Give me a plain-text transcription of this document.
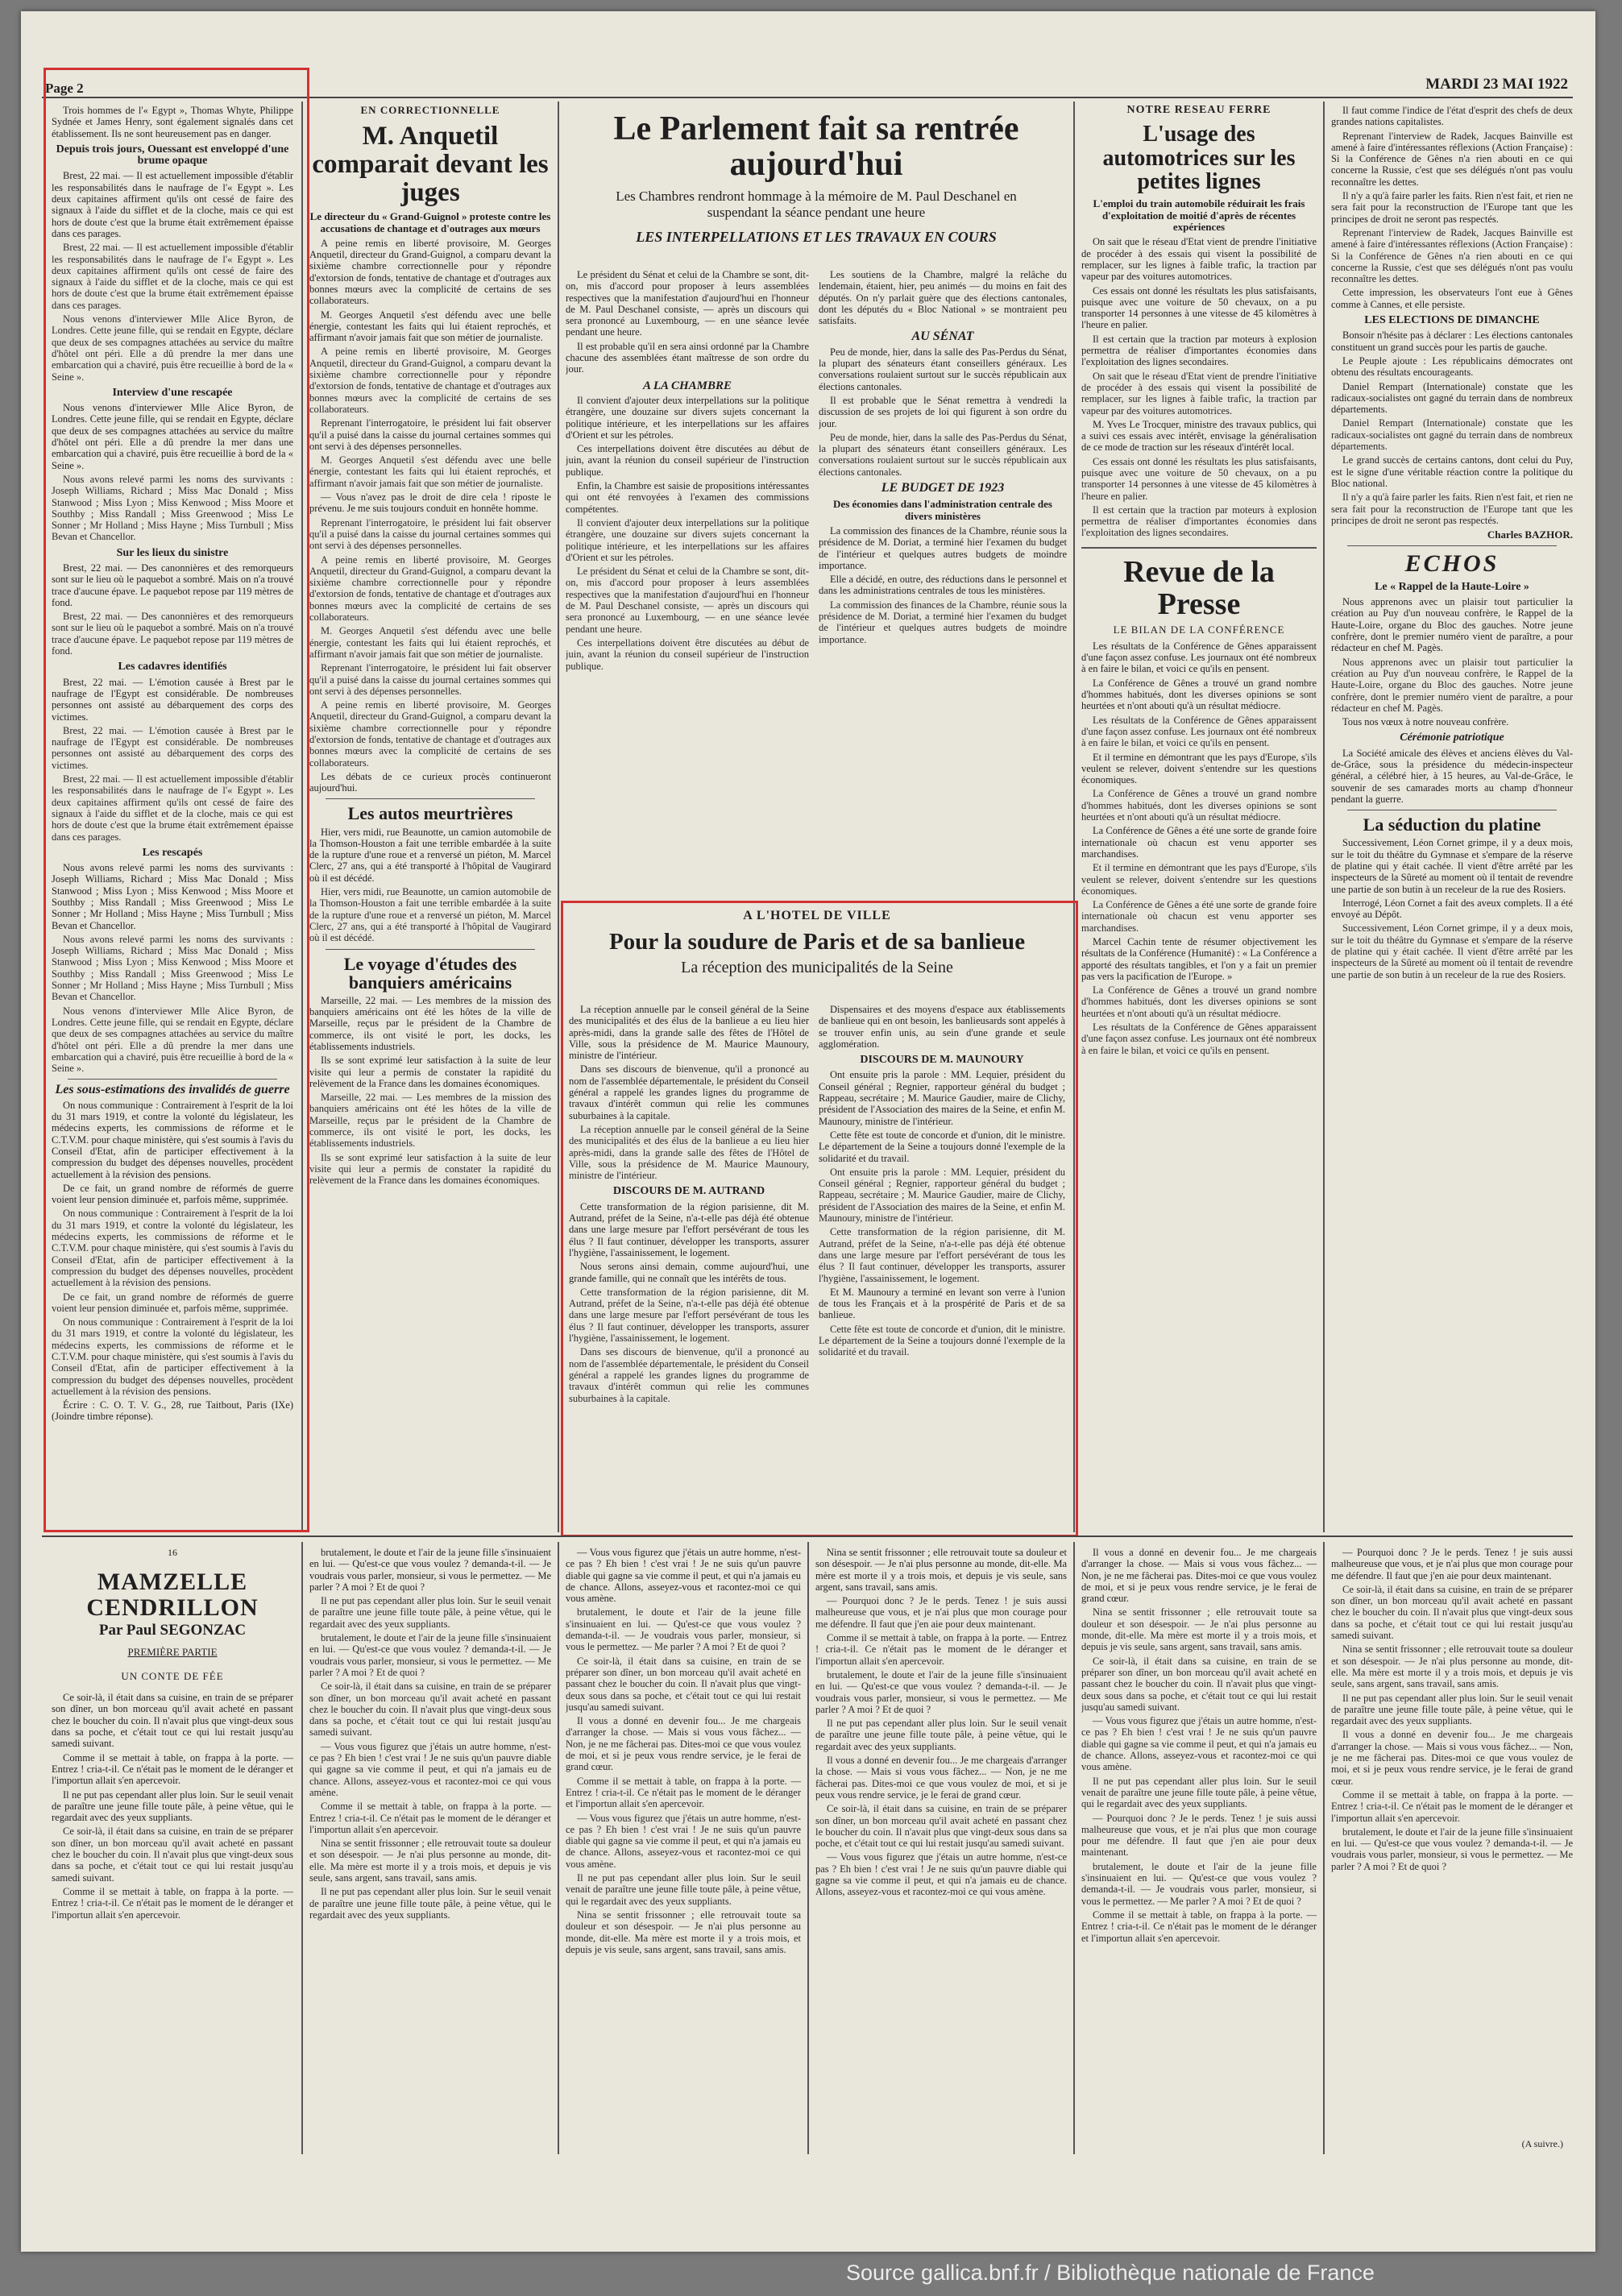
Page 2	MARDI 23 MAI 1922

Trois hommes de l'« Egypt », Thomas Whyte, Philippe Sydnée et James Henry, sont également signalés dans cet établissement. Ils ne sont heureusement pas en danger.

Depuis trois jours, Ouessant est enveloppé d'une brume opaque

Brest, 22 mai. — Il est actuellement impossible d'établir les responsabilités dans le naufrage de l'« Egypt ». Les deux capitaines affirment qu'ils ont cessé de faire des signaux à l'aide du sifflet et de la cloche, mais ce qui est hors de doute c'est que la brume était extrêmement épaisse dans ces parages.

Brest, 22 mai. — Il est actuellement impossible d'établir les responsabilités dans le naufrage de l'« Egypt ». Les deux capitaines affirment qu'ils ont cessé de faire des signaux à l'aide du sifflet et de la cloche, mais ce qui est hors de doute c'est que la brume était extrêmement épaisse dans ces parages.

Nous venons d'interviewer Mlle Alice Byron, de Londres. Cette jeune fille, qui se rendait en Egypte, déclare que deux de ses compagnes attachées au service du maître d'hôtel ont péri. Elle a dû prendre la mer dans une embarcation qui a chaviré, puis être recueillie à bord de la « Seine ».

Interview d'une rescapée

Nous venons d'interviewer Mlle Alice Byron, de Londres. Cette jeune fille, qui se rendait en Egypte, déclare que deux de ses compagnes attachées au service du maître d'hôtel ont péri. Elle a dû prendre la mer dans une embarcation qui a chaviré, puis être recueillie à bord de la « Seine ».

Nous avons relevé parmi les noms des survivants : Joseph Williams, Richard ; Miss Mac Donald ; Miss Stanwood ; Miss Lyon ; Miss Kenwood ; Miss Moore et Southby ; Miss Randall ; Miss Greenwood ; Miss Le Sonner ; Mr Holland ; Miss Hayne ; Miss Turnbull ; Miss Bevan et Chancellor.

Sur les lieux du sinistre

Brest, 22 mai. — Des canonnières et des remorqueurs sont sur le lieu où le paquebot a sombré. Mais on n'a trouvé trace d'aucune épave. Le paquebot repose par 119 mètres de fond.

Brest, 22 mai. — Des canonnières et des remorqueurs sont sur le lieu où le paquebot a sombré. Mais on n'a trouvé trace d'aucune épave. Le paquebot repose par 119 mètres de fond.

Les cadavres identifiés

Brest, 22 mai. — L'émotion causée à Brest par le naufrage de l'Egypt est considérable. De nombreuses personnes ont assisté au débarquement des corps des victimes.

Brest, 22 mai. — L'émotion causée à Brest par le naufrage de l'Egypt est considérable. De nombreuses personnes ont assisté au débarquement des corps des victimes.

Brest, 22 mai. — Il est actuellement impossible d'établir les responsabilités dans le naufrage de l'« Egypt ». Les deux capitaines affirment qu'ils ont cessé de faire des signaux à l'aide du sifflet et de la cloche, mais ce qui est hors de doute c'est que la brume était extrêmement épaisse dans ces parages.

Les rescapés

Nous avons relevé parmi les noms des survivants : Joseph Williams, Richard ; Miss Mac Donald ; Miss Stanwood ; Miss Lyon ; Miss Kenwood ; Miss Moore et Southby ; Miss Randall ; Miss Greenwood ; Miss Le Sonner ; Mr Holland ; Miss Hayne ; Miss Turnbull ; Miss Bevan et Chancellor.

Nous avons relevé parmi les noms des survivants : Joseph Williams, Richard ; Miss Mac Donald ; Miss Stanwood ; Miss Lyon ; Miss Kenwood ; Miss Moore et Southby ; Miss Randall ; Miss Greenwood ; Miss Le Sonner ; Mr Holland ; Miss Hayne ; Miss Turnbull ; Miss Bevan et Chancellor.

Nous venons d'interviewer Mlle Alice Byron, de Londres. Cette jeune fille, qui se rendait en Egypte, déclare que deux de ses compagnes attachées au service du maître d'hôtel ont péri. Elle a dû prendre la mer dans une embarcation qui a chaviré, puis être recueillie à bord de la « Seine ».

Les sous-estimations des invalidés de guerre

On nous communique : Contrairement à l'esprit de la loi du 31 mars 1919, et contre la volonté du législateur, les médecins experts, les commissions de réforme et le C.T.V.M. pour chaque ministère, qui s'est soumis à l'avis du Conseil d'Etat, afin de participer effectivement à la compression du budget des dépenses nouvelles, procèdent actuellement à la révision des pensions.

De ce fait, un grand nombre de réformés de guerre voient leur pension diminuée et, parfois même, supprimée.

On nous communique : Contrairement à l'esprit de la loi du 31 mars 1919, et contre la volonté du législateur, les médecins experts, les commissions de réforme et le C.T.V.M. pour chaque ministère, qui s'est soumis à l'avis du Conseil d'Etat, afin de participer effectivement à la compression du budget des dépenses nouvelles, procèdent actuellement à la révision des pensions.

De ce fait, un grand nombre de réformés de guerre voient leur pension diminuée et, parfois même, supprimée.

On nous communique : Contrairement à l'esprit de la loi du 31 mars 1919, et contre la volonté du législateur, les médecins experts, les commissions de réforme et le C.T.V.M. pour chaque ministère, qui s'est soumis à l'avis du Conseil d'Etat, afin de participer effectivement à la compression du budget des dépenses nouvelles, procèdent actuellement à la révision des pensions.

Écrire : C. O. T. V. G., 28, rue Taitbout, Paris (IXe) (Joindre timbre réponse).

EN CORRECTIONNELLE
M. Anquetil comparait devant les juges
Le directeur du « Grand-Guignol » proteste contre les accusations de chantage et d'outrages aux mœurs

A peine remis en liberté provisoire, M. Georges Anquetil, directeur du Grand-Guignol, a comparu devant la sixième chambre correctionnelle pour y répondre d'extorsion de fonds, tentative de chantage et d'outrages aux bonnes mœurs avec la complicité de certains de ses collaborateurs.

M. Georges Anquetil s'est défendu avec une belle énergie, contestant les faits qui lui étaient reprochés, et affirmant n'avoir jamais fait que son métier de journaliste.

A peine remis en liberté provisoire, M. Georges Anquetil, directeur du Grand-Guignol, a comparu devant la sixième chambre correctionnelle pour y répondre d'extorsion de fonds, tentative de chantage et d'outrages aux bonnes mœurs avec la complicité de certains de ses collaborateurs.

Reprenant l'interrogatoire, le président lui fait observer qu'il a puisé dans la caisse du journal certaines sommes qui ont servi à des dépenses personnelles.

M. Georges Anquetil s'est défendu avec une belle énergie, contestant les faits qui lui étaient reprochés, et affirmant n'avoir jamais fait que son métier de journaliste.

— Vous n'avez pas le droit de dire cela ! riposte le prévenu. Je me suis toujours conduit en honnête homme.

Reprenant l'interrogatoire, le président lui fait observer qu'il a puisé dans la caisse du journal certaines sommes qui ont servi à des dépenses personnelles.

A peine remis en liberté provisoire, M. Georges Anquetil, directeur du Grand-Guignol, a comparu devant la sixième chambre correctionnelle pour y répondre d'extorsion de fonds, tentative de chantage et d'outrages aux bonnes mœurs avec la complicité de certains de ses collaborateurs.

M. Georges Anquetil s'est défendu avec une belle énergie, contestant les faits qui lui étaient reprochés, et affirmant n'avoir jamais fait que son métier de journaliste.

Reprenant l'interrogatoire, le président lui fait observer qu'il a puisé dans la caisse du journal certaines sommes qui ont servi à des dépenses personnelles.

A peine remis en liberté provisoire, M. Georges Anquetil, directeur du Grand-Guignol, a comparu devant la sixième chambre correctionnelle pour y répondre d'extorsion de fonds, tentative de chantage et d'outrages aux bonnes mœurs avec la complicité de certains de ses collaborateurs.

Les débats de ce curieux procès continueront aujourd'hui.

Les autos meurtrières

Hier, vers midi, rue Beaunotte, un camion automobile de la Thomson-Houston a fait une terrible embardée à la suite de la rupture d'une roue et a renversé un piéton, M. Marcel Clerc, 27 ans, qui a été transporté à l'hôpital de Vaugirard où il est décédé.

Hier, vers midi, rue Beaunotte, un camion automobile de la Thomson-Houston a fait une terrible embardée à la suite de la rupture d'une roue et a renversé un piéton, M. Marcel Clerc, 27 ans, qui a été transporté à l'hôpital de Vaugirard où il est décédé.

Le voyage d'études des banquiers américains

Marseille, 22 mai. — Les membres de la mission des banquiers américains ont été les hôtes de la ville de Marseille, reçus par le président de la Chambre de commerce, ils ont visité le port, les docks, les établissements industriels.

Ils se sont exprimé leur satisfaction à la suite de leur visite qui leur a permis de constater la rapidité du relèvement de la France dans les domaines économiques.

Marseille, 22 mai. — Les membres de la mission des banquiers américains ont été les hôtes de la ville de Marseille, reçus par le président de la Chambre de commerce, ils ont visité le port, les docks, les établissements industriels.

Ils se sont exprimé leur satisfaction à la suite de leur visite qui leur a permis de constater la rapidité du relèvement de la France dans les domaines économiques.

Le Parlement fait sa rentrée aujourd'hui
Les Chambres rendront hommage à la mémoire de M. Paul Deschanel en suspendant la séance pendant une heure
LES INTERPELLATIONS ET LES TRAVAUX EN COURS

Le président du Sénat et celui de la Chambre se sont, dit-on, mis d'accord pour proposer à leurs assemblées respectives que la manifestation d'aujourd'hui en l'honneur de M. Paul Deschanel consiste, — après un discours qui sera prononcé au Luxembourg, — en une séance levée pendant une heure.

Il est probable qu'il en sera ainsi ordonné par la Chambre chacune des assemblées étant maîtresse de son ordre du jour.

A LA CHAMBRE

Il convient d'ajouter deux interpellations sur la politique étrangère, une douzaine sur divers sujets concernant la politique intérieure, et les interpellations sur les affaires d'Orient et sur les pétroles.

Ces interpellations doivent être discutées au début de juin, avant la réunion du conseil supérieur de l'instruction publique.

Enfin, la Chambre est saisie de propositions intéressantes qui ont été renvoyées à l'examen des commissions compétentes.

Il convient d'ajouter deux interpellations sur la politique étrangère, une douzaine sur divers sujets concernant la politique intérieure, et les interpellations sur les affaires d'Orient et sur les pétroles.

Le président du Sénat et celui de la Chambre se sont, dit-on, mis d'accord pour proposer à leurs assemblées respectives que la manifestation d'aujourd'hui en l'honneur de M. Paul Deschanel consiste, — après un discours qui sera prononcé au Luxembourg, — en une séance levée pendant une heure.

Ces interpellations doivent être discutées au début de juin, avant la réunion du conseil supérieur de l'instruction publique.

Les soutiens de la Chambre, malgré la relâche du lendemain, étaient, hier, peu animés — du moins en fait des députés. On n'y parlait guère que des élections cantonales, dont les députés du « Bloc National » se montraient peu satisfaits.

AU SÉNAT

Peu de monde, hier, dans la salle des Pas-Perdus du Sénat, la plupart des sénateurs étant conseillers généraux. Les conversations roulaient surtout sur le succès républicain aux élections cantonales.

Il est probable que le Sénat remettra à vendredi la discussion de ses projets de loi qui figurent à son ordre du jour.

Peu de monde, hier, dans la salle des Pas-Perdus du Sénat, la plupart des sénateurs étant conseillers généraux. Les conversations roulaient surtout sur le succès républicain aux élections cantonales.

LE BUDGET DE 1923
Des économies dans l'administration centrale des divers ministères

La commission des finances de la Chambre, réunie sous la présidence de M. Doriat, a terminé hier l'examen du budget de l'intérieur et quelques autres budgets de moindre importance.

Elle a décidé, en outre, des réductions dans le personnel et dans les administrations centrales de tous les ministères.

La commission des finances de la Chambre, réunie sous la présidence de M. Doriat, a terminé hier l'examen du budget de l'intérieur et quelques autres budgets de moindre importance.

A L'HOTEL DE VILLE
Pour la soudure de Paris et de sa banlieue
La réception des municipalités de la Seine

La réception annuelle par le conseil général de la Seine des municipalités et des élus de la banlieue a eu lieu hier après-midi, dans la grande salle des fêtes de l'Hôtel de Ville, sous la présidence de M. Maurice Maunoury, ministre de l'intérieur.

Dans ses discours de bienvenue, qu'il a prononcé au nom de l'assemblée départementale, le président du Conseil général a rappelé les grandes lignes du programme de travaux d'intérêt commun qui relie les communes suburbaines à la capitale.

La réception annuelle par le conseil général de la Seine des municipalités et des élus de la banlieue a eu lieu hier après-midi, dans la grande salle des fêtes de l'Hôtel de Ville, sous la présidence de M. Maurice Maunoury, ministre de l'intérieur.

DISCOURS DE M. AUTRAND

Cette transformation de la région parisienne, dit M. Autrand, préfet de la Seine, n'a-t-elle pas déjà été obtenue dans une large mesure par l'effort persévérant de tous les élus ? Il faut continuer, développer les transports, assurer l'hygiène, l'assainissement, le logement.

Nous serons ainsi demain, comme aujourd'hui, une grande famille, qui ne connaît que les intérêts de tous.

Cette transformation de la région parisienne, dit M. Autrand, préfet de la Seine, n'a-t-elle pas déjà été obtenue dans une large mesure par l'effort persévérant de tous les élus ? Il faut continuer, développer les transports, assurer l'hygiène, l'assainissement, le logement.

Dans ses discours de bienvenue, qu'il a prononcé au nom de l'assemblée départementale, le président du Conseil général a rappelé les grandes lignes du programme de travaux d'intérêt commun qui relie les communes suburbaines à la capitale.

Dispensaires et des moyens d'espace aux établissements de banlieue qui en ont besoin, les banlieusards sont appelés à se trouver enfin unis, au sein d'une grande et seule agglomération.

DISCOURS DE M. MAUNOURY

Ont ensuite pris la parole : MM. Lequier, président du Conseil général ; Regnier, rapporteur général du budget ; Rappeau, secrétaire ; M. Maurice Gaudier, maire de Clichy, président de l'Association des maires de la Seine, et enfin M. Maunoury, ministre de l'intérieur.

Cette fête est toute de concorde et d'union, dit le ministre. Le département de la Seine a toujours donné l'exemple de la solidarité et du travail.

Ont ensuite pris la parole : MM. Lequier, président du Conseil général ; Regnier, rapporteur général du budget ; Rappeau, secrétaire ; M. Maurice Gaudier, maire de Clichy, président de l'Association des maires de la Seine, et enfin M. Maunoury, ministre de l'intérieur.

Cette transformation de la région parisienne, dit M. Autrand, préfet de la Seine, n'a-t-elle pas déjà été obtenue dans une large mesure par l'effort persévérant de tous les élus ? Il faut continuer, développer les transports, assurer l'hygiène, l'assainissement, le logement.

Et M. Maunoury a terminé en levant son verre à l'union de tous les Français et à la prospérité de Paris et de sa banlieue.

Cette fête est toute de concorde et d'union, dit le ministre. Le département de la Seine a toujours donné l'exemple de la solidarité et du travail.

NOTRE RÉSEAU FERRÉ
L'usage des automotrices sur les petites lignes
L'emploi du train automobile réduirait les frais d'exploitation de moitié d'après de récentes expériences

On sait que le réseau d'Etat vient de prendre l'initiative de procéder à des essais qui visent la possibilité de remplacer, sur les lignes à faible trafic, la traction par vapeur par des voitures automotrices.

Ces essais ont donné les résultats les plus satisfaisants, puisque avec une voiture de 50 chevaux, on a pu transporter 14 personnes à une vitesse de 45 kilomètres à l'heure en palier.

Il est certain que la traction par moteurs à explosion permettra de réaliser d'importantes économies dans l'exploitation des lignes secondaires.

On sait que le réseau d'Etat vient de prendre l'initiative de procéder à des essais qui visent la possibilité de remplacer, sur les lignes à faible trafic, la traction par vapeur par des voitures automotrices.

M. Yves Le Trocquer, ministre des travaux publics, qui a suivi ces essais avec intérêt, envisage la généralisation de ce mode de traction sur les réseaux d'intérêt local.

Ces essais ont donné les résultats les plus satisfaisants, puisque avec une voiture de 50 chevaux, on a pu transporter 14 personnes à une vitesse de 45 kilomètres à l'heure en palier.

Il est certain que la traction par moteurs à explosion permettra de réaliser d'importantes économies dans l'exploitation des lignes secondaires.

Revue de la Presse
LE BILAN DE LA CONFÉRENCE

Les résultats de la Conférence de Gênes apparaissent d'une façon assez confuse. Les journaux ont été nombreux à en faire le bilan, et voici ce qu'ils en pensent.

La Conférence de Gênes a trouvé un grand nombre d'hommes habitués, dont les diverses opinions se sont heurtées et n'ont abouti qu'à un résultat médiocre.

Les résultats de la Conférence de Gênes apparaissent d'une façon assez confuse. Les journaux ont été nombreux à en faire le bilan, et voici ce qu'ils en pensent.

Et il termine en démontrant que les pays d'Europe, s'ils veulent se relever, doivent s'entendre sur les questions économiques.

La Conférence de Gênes a trouvé un grand nombre d'hommes habitués, dont les diverses opinions se sont heurtées et n'ont abouti qu'à un résultat médiocre.

La Conférence de Gênes a été une sorte de grande foire internationale où chacun est venu apporter ses marchandises.

Et il termine en démontrant que les pays d'Europe, s'ils veulent se relever, doivent s'entendre sur les questions économiques.

La Conférence de Gênes a été une sorte de grande foire internationale où chacun est venu apporter ses marchandises.

Marcel Cachin tente de résumer objectivement les résultats de la Conférence (Humanité) : « La Conférence a apporté des résultats tangibles, et l'on y a fait un premier pas vers la pacification de l'Europe. »

La Conférence de Gênes a trouvé un grand nombre d'hommes habitués, dont les diverses opinions se sont heurtées et n'ont abouti qu'à un résultat médiocre.

Les résultats de la Conférence de Gênes apparaissent d'une façon assez confuse. Les journaux ont été nombreux à en faire le bilan, et voici ce qu'ils en pensent.

Il faut comme l'indice de l'état d'esprit des chefs de deux grandes nations capitalistes.

Reprenant l'interview de Radek, Jacques Bainville est amené à faire d'intéressantes réflexions (Action Française) : Si la Conférence de Gênes n'a rien abouti en ce qui concerne la Russie, c'est que ses délégués n'ont pas voulu reconnaître les dettes.

Il n'y a qu'à faire parler les faits. Rien n'est fait, et rien ne sera fait pour la reconstruction de l'Europe tant que les principes de droit ne seront pas respectés.

Reprenant l'interview de Radek, Jacques Bainville est amené à faire d'intéressantes réflexions (Action Française) : Si la Conférence de Gênes n'a rien abouti en ce qui concerne la Russie, c'est que ses délégués n'ont pas voulu reconnaître les dettes.

Cette impression, les observateurs l'ont eue à Gênes comme à Cannes, et elle persiste.

LES ELECTIONS DE DIMANCHE

Bonsoir n'hésite pas à déclarer : Les élections cantonales constituent un grand succès pour les partis de gauche.

Le Peuple ajoute : Les républicains démocrates ont obtenu des résultats encourageants.

Daniel Rempart (Internationale) constate que les radicaux-socialistes ont gagné du terrain dans de nombreux départements.

Daniel Rempart (Internationale) constate que les radicaux-socialistes ont gagné du terrain dans de nombreux départements.

Le grand succès de certains cantons, dont celui du Puy, est le signe d'une véritable réaction contre la politique du Bloc national.

Il n'y a qu'à faire parler les faits. Rien n'est fait, et rien ne sera fait pour la reconstruction de l'Europe tant que les principes de droit ne seront pas respectés.

Charles BAZHOR.
ECHOS
Le « Rappel de la Haute-Loire »

Nous apprenons avec un plaisir tout particulier la création au Puy d'un nouveau confrère, le Rappel de la Haute-Loire, organe du Bloc des gauches. Notre jeune confrère, dont le premier numéro vient de paraître, a pour rédacteur en chef M. Pagès.

Nous apprenons avec un plaisir tout particulier la création au Puy d'un nouveau confrère, le Rappel de la Haute-Loire, organe du Bloc des gauches. Notre jeune confrère, dont le premier numéro vient de paraître, a pour rédacteur en chef M. Pagès.

Tous nos vœux à notre nouveau confrère.

Cérémonie patriotique

La Société amicale des élèves et anciens élèves du Val-de-Grâce, sous la présidence du médecin-inspecteur général, a célébré hier, à 15 heures, au Val-de-Grâce, le souvenir de ses camarades morts au champ d'honneur pendant la guerre.

La séduction du platine

Successivement, Léon Cornet grimpe, il y a deux mois, sur le toit du théâtre du Gymnase et s'empare de la réserve de platine qui y était cachée. Il vient d'être arrêté par les inspecteurs de la Sûreté au moment où il tentait de revendre une partie de son butin à un receleur de la rue des Rosiers.

Interrogé, Léon Cornet a fait des aveux complets. Il a été envoyé au Dépôt.

Successivement, Léon Cornet grimpe, il y a deux mois, sur le toit du théâtre du Gymnase et s'empare de la réserve de platine qui y était cachée. Il vient d'être arrêté par les inspecteurs de la Sûreté au moment où il tentait de revendre une partie de son butin à un receleur de la rue des Rosiers.

16
MAMZELLE CENDRILLON
Par Paul SEGONZAC
PREMIÈRE PARTIE
UN CONTE DE FÉE

Ce soir-là, il était dans sa cuisine, en train de se préparer son dîner, un bon morceau qu'il avait acheté en passant chez le boucher du coin. Il n'avait plus que vingt-deux sous dans sa poche, et c'était tout ce qui lui restait jusqu'au samedi suivant.

Comme il se mettait à table, on frappa à la porte. — Entrez ! cria-t-il. Ce n'était pas le moment de le déranger et l'importun allait s'en apercevoir.

Il ne put pas cependant aller plus loin. Sur le seuil venait de paraître une jeune fille toute pâle, à peine vêtue, qui le regardait avec des yeux suppliants.

Ce soir-là, il était dans sa cuisine, en train de se préparer son dîner, un bon morceau qu'il avait acheté en passant chez le boucher du coin. Il n'avait plus que vingt-deux sous dans sa poche, et c'était tout ce qui lui restait jusqu'au samedi suivant.

Comme il se mettait à table, on frappa à la porte. — Entrez ! cria-t-il. Ce n'était pas le moment de le déranger et l'importun allait s'en apercevoir.

brutalement, le doute et l'air de la jeune fille s'insinuaient en lui. — Qu'est-ce que vous voulez ? demanda-t-il. — Je voudrais vous parler, monsieur, si vous le permettez. — Me parler ? A moi ? Et de quoi ?

Il ne put pas cependant aller plus loin. Sur le seuil venait de paraître une jeune fille toute pâle, à peine vêtue, qui le regardait avec des yeux suppliants.

brutalement, le doute et l'air de la jeune fille s'insinuaient en lui. — Qu'est-ce que vous voulez ? demanda-t-il. — Je voudrais vous parler, monsieur, si vous le permettez. — Me parler ? A moi ? Et de quoi ?

Ce soir-là, il était dans sa cuisine, en train de se préparer son dîner, un bon morceau qu'il avait acheté en passant chez le boucher du coin. Il n'avait plus que vingt-deux sous dans sa poche, et c'était tout ce qui lui restait jusqu'au samedi suivant.

— Vous vous figurez que j'étais un autre homme, n'est-ce pas ? Eh bien ! c'est vrai ! Je ne suis qu'un pauvre diable qui gagne sa vie comme il peut, et qui n'a jamais eu de chance. Allons, asseyez-vous et racontez-moi ce qui vous amène.

Comme il se mettait à table, on frappa à la porte. — Entrez ! cria-t-il. Ce n'était pas le moment de le déranger et l'importun allait s'en apercevoir.

Nina se sentit frissonner ; elle retrouvait toute sa douleur et son désespoir. — Je n'ai plus personne au monde, dit-elle. Ma mère est morte il y a trois mois, et depuis je vis seule, sans argent, sans travail, sans amis.

Il ne put pas cependant aller plus loin. Sur le seuil venait de paraître une jeune fille toute pâle, à peine vêtue, qui le regardait avec des yeux suppliants.

— Vous vous figurez que j'étais un autre homme, n'est-ce pas ? Eh bien ! c'est vrai ! Je ne suis qu'un pauvre diable qui gagne sa vie comme il peut, et qui n'a jamais eu de chance. Allons, asseyez-vous et racontez-moi ce qui vous amène.

brutalement, le doute et l'air de la jeune fille s'insinuaient en lui. — Qu'est-ce que vous voulez ? demanda-t-il. — Je voudrais vous parler, monsieur, si vous le permettez. — Me parler ? A moi ? Et de quoi ?

Ce soir-là, il était dans sa cuisine, en train de se préparer son dîner, un bon morceau qu'il avait acheté en passant chez le boucher du coin. Il n'avait plus que vingt-deux sous dans sa poche, et c'était tout ce qui lui restait jusqu'au samedi suivant.

Il vous a donné en devenir fou... Je me chargeais d'arranger la chose. — Mais si vous vous fâchez... — Non, je ne me fâcherai pas. Dites-moi ce que vous voulez de moi, et si je peux vous rendre service, je le ferai de grand cœur.

Comme il se mettait à table, on frappa à la porte. — Entrez ! cria-t-il. Ce n'était pas le moment de le déranger et l'importun allait s'en apercevoir.

— Vous vous figurez que j'étais un autre homme, n'est-ce pas ? Eh bien ! c'est vrai ! Je ne suis qu'un pauvre diable qui gagne sa vie comme il peut, et qui n'a jamais eu de chance. Allons, asseyez-vous et racontez-moi ce qui vous amène.

Il ne put pas cependant aller plus loin. Sur le seuil venait de paraître une jeune fille toute pâle, à peine vêtue, qui le regardait avec des yeux suppliants.

Nina se sentit frissonner ; elle retrouvait toute sa douleur et son désespoir. — Je n'ai plus personne au monde, dit-elle. Ma mère est morte il y a trois mois, et depuis je vis seule, sans argent, sans travail, sans amis.

Nina se sentit frissonner ; elle retrouvait toute sa douleur et son désespoir. — Je n'ai plus personne au monde, dit-elle. Ma mère est morte il y a trois mois, et depuis je vis seule, sans argent, sans travail, sans amis.

— Pourquoi donc ? Je le perds. Tenez ! je suis aussi malheureuse que vous, et je n'ai plus que mon courage pour me défendre. Il faut que j'en aie pour deux maintenant.

Comme il se mettait à table, on frappa à la porte. — Entrez ! cria-t-il. Ce n'était pas le moment de le déranger et l'importun allait s'en apercevoir.

brutalement, le doute et l'air de la jeune fille s'insinuaient en lui. — Qu'est-ce que vous voulez ? demanda-t-il. — Je voudrais vous parler, monsieur, si vous le permettez. — Me parler ? A moi ? Et de quoi ?

Il ne put pas cependant aller plus loin. Sur le seuil venait de paraître une jeune fille toute pâle, à peine vêtue, qui le regardait avec des yeux suppliants.

Il vous a donné en devenir fou... Je me chargeais d'arranger la chose. — Mais si vous vous fâchez... — Non, je ne me fâcherai pas. Dites-moi ce que vous voulez de moi, et si je peux vous rendre service, je le ferai de grand cœur.

Ce soir-là, il était dans sa cuisine, en train de se préparer son dîner, un bon morceau qu'il avait acheté en passant chez le boucher du coin. Il n'avait plus que vingt-deux sous dans sa poche, et c'était tout ce qui lui restait jusqu'au samedi suivant.

— Vous vous figurez que j'étais un autre homme, n'est-ce pas ? Eh bien ! c'est vrai ! Je ne suis qu'un pauvre diable qui gagne sa vie comme il peut, et qui n'a jamais eu de chance. Allons, asseyez-vous et racontez-moi ce qui vous amène.

Il vous a donné en devenir fou... Je me chargeais d'arranger la chose. — Mais si vous vous fâchez... — Non, je ne me fâcherai pas. Dites-moi ce que vous voulez de moi, et si je peux vous rendre service, je le ferai de grand cœur.

Nina se sentit frissonner ; elle retrouvait toute sa douleur et son désespoir. — Je n'ai plus personne au monde, dit-elle. Ma mère est morte il y a trois mois, et depuis je vis seule, sans argent, sans travail, sans amis.

Ce soir-là, il était dans sa cuisine, en train de se préparer son dîner, un bon morceau qu'il avait acheté en passant chez le boucher du coin. Il n'avait plus que vingt-deux sous dans sa poche, et c'était tout ce qui lui restait jusqu'au samedi suivant.

— Vous vous figurez que j'étais un autre homme, n'est-ce pas ? Eh bien ! c'est vrai ! Je ne suis qu'un pauvre diable qui gagne sa vie comme il peut, et qui n'a jamais eu de chance. Allons, asseyez-vous et racontez-moi ce qui vous amène.

Il ne put pas cependant aller plus loin. Sur le seuil venait de paraître une jeune fille toute pâle, à peine vêtue, qui le regardait avec des yeux suppliants.

— Pourquoi donc ? Je le perds. Tenez ! je suis aussi malheureuse que vous, et je n'ai plus que mon courage pour me défendre. Il faut que j'en aie pour deux maintenant.

brutalement, le doute et l'air de la jeune fille s'insinuaient en lui. — Qu'est-ce que vous voulez ? demanda-t-il. — Je voudrais vous parler, monsieur, si vous le permettez. — Me parler ? A moi ? Et de quoi ?

Comme il se mettait à table, on frappa à la porte. — Entrez ! cria-t-il. Ce n'était pas le moment de le déranger et l'importun allait s'en apercevoir.

— Pourquoi donc ? Je le perds. Tenez ! je suis aussi malheureuse que vous, et je n'ai plus que mon courage pour me défendre. Il faut que j'en aie pour deux maintenant.

Ce soir-là, il était dans sa cuisine, en train de se préparer son dîner, un bon morceau qu'il avait acheté en passant chez le boucher du coin. Il n'avait plus que vingt-deux sous dans sa poche, et c'était tout ce qui lui restait jusqu'au samedi suivant.

Nina se sentit frissonner ; elle retrouvait toute sa douleur et son désespoir. — Je n'ai plus personne au monde, dit-elle. Ma mère est morte il y a trois mois, et depuis je vis seule, sans argent, sans travail, sans amis.

Il ne put pas cependant aller plus loin. Sur le seuil venait de paraître une jeune fille toute pâle, à peine vêtue, qui le regardait avec des yeux suppliants.

Il vous a donné en devenir fou... Je me chargeais d'arranger la chose. — Mais si vous vous fâchez... — Non, je ne me fâcherai pas. Dites-moi ce que vous voulez de moi, et si je peux vous rendre service, je le ferai de grand cœur.

Comme il se mettait à table, on frappa à la porte. — Entrez ! cria-t-il. Ce n'était pas le moment de le déranger et l'importun allait s'en apercevoir.

brutalement, le doute et l'air de la jeune fille s'insinuaient en lui. — Qu'est-ce que vous voulez ? demanda-t-il. — Je voudrais vous parler, monsieur, si vous le permettez. — Me parler ? A moi ? Et de quoi ?

(A suivre.)
Source gallica.bnf.fr / Bibliothèque nationale de France
